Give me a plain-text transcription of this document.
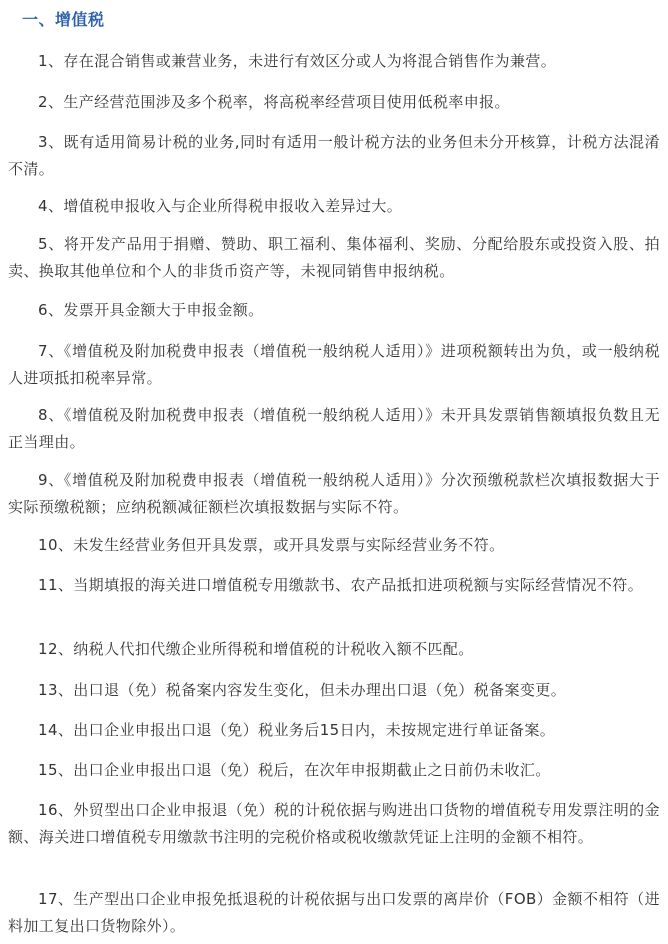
一、增值税

1、存在混合销售或兼营业务，未进行有效区分或人为将混合销售作为兼营。

2、生产经营范围涉及多个税率，将高税率经营项目使用低税率申报。

3、既有适用简易计税的业务,同时有适用一般计税方法的业务但未分开核算，计税方法混淆不清。

4、增值税申报收入与企业所得税申报收入差异过大。

5、将开发产品用于捐赠、赞助、职工福利、集体福利、奖励、分配给股东或投资入股、拍卖、换取其他单位和个人的非货币资产等，未视同销售申报纳税。

6、发票开具金额大于申报金额。

7、《增值税及附加税费申报表（增值税一般纳税人适用）》进项税额转出为负，或一般纳税人进项抵扣税率异常。

8、《增值税及附加税费申报表（增值税一般纳税人适用）》未开具发票销售额填报负数且无正当理由。

9、《增值税及附加税费申报表（增值税一般纳税人适用）》分次预缴税款栏次填报数据大于实际预缴税额；应纳税额减征额栏次填报数据与实际不符。

10、未发生经营业务但开具发票，或开具发票与实际经营业务不符。

11、当期填报的海关进口增值税专用缴款书、农产品抵扣进项税额与实际经营情况不符。

12、纳税人代扣代缴企业所得税和增值税的计税收入额不匹配。

13、出口退（免）税备案内容发生变化，但未办理出口退（免）税备案变更。

14、出口企业申报出口退（免）税业务后15日内，未按规定进行单证备案。

15、出口企业申报出口退（免）税后，在次年申报期截止之日前仍未收汇。

16、外贸型出口企业申报退（免）税的计税依据与购进出口货物的增值税专用发票注明的金额、海关进口增值税专用缴款书注明的完税价格或税收缴款凭证上注明的金额不相符。

17、生产型出口企业申报免抵退税的计税依据与出口发票的离岸价（FOB）金额不相符（进料加工复出口货物除外）。
